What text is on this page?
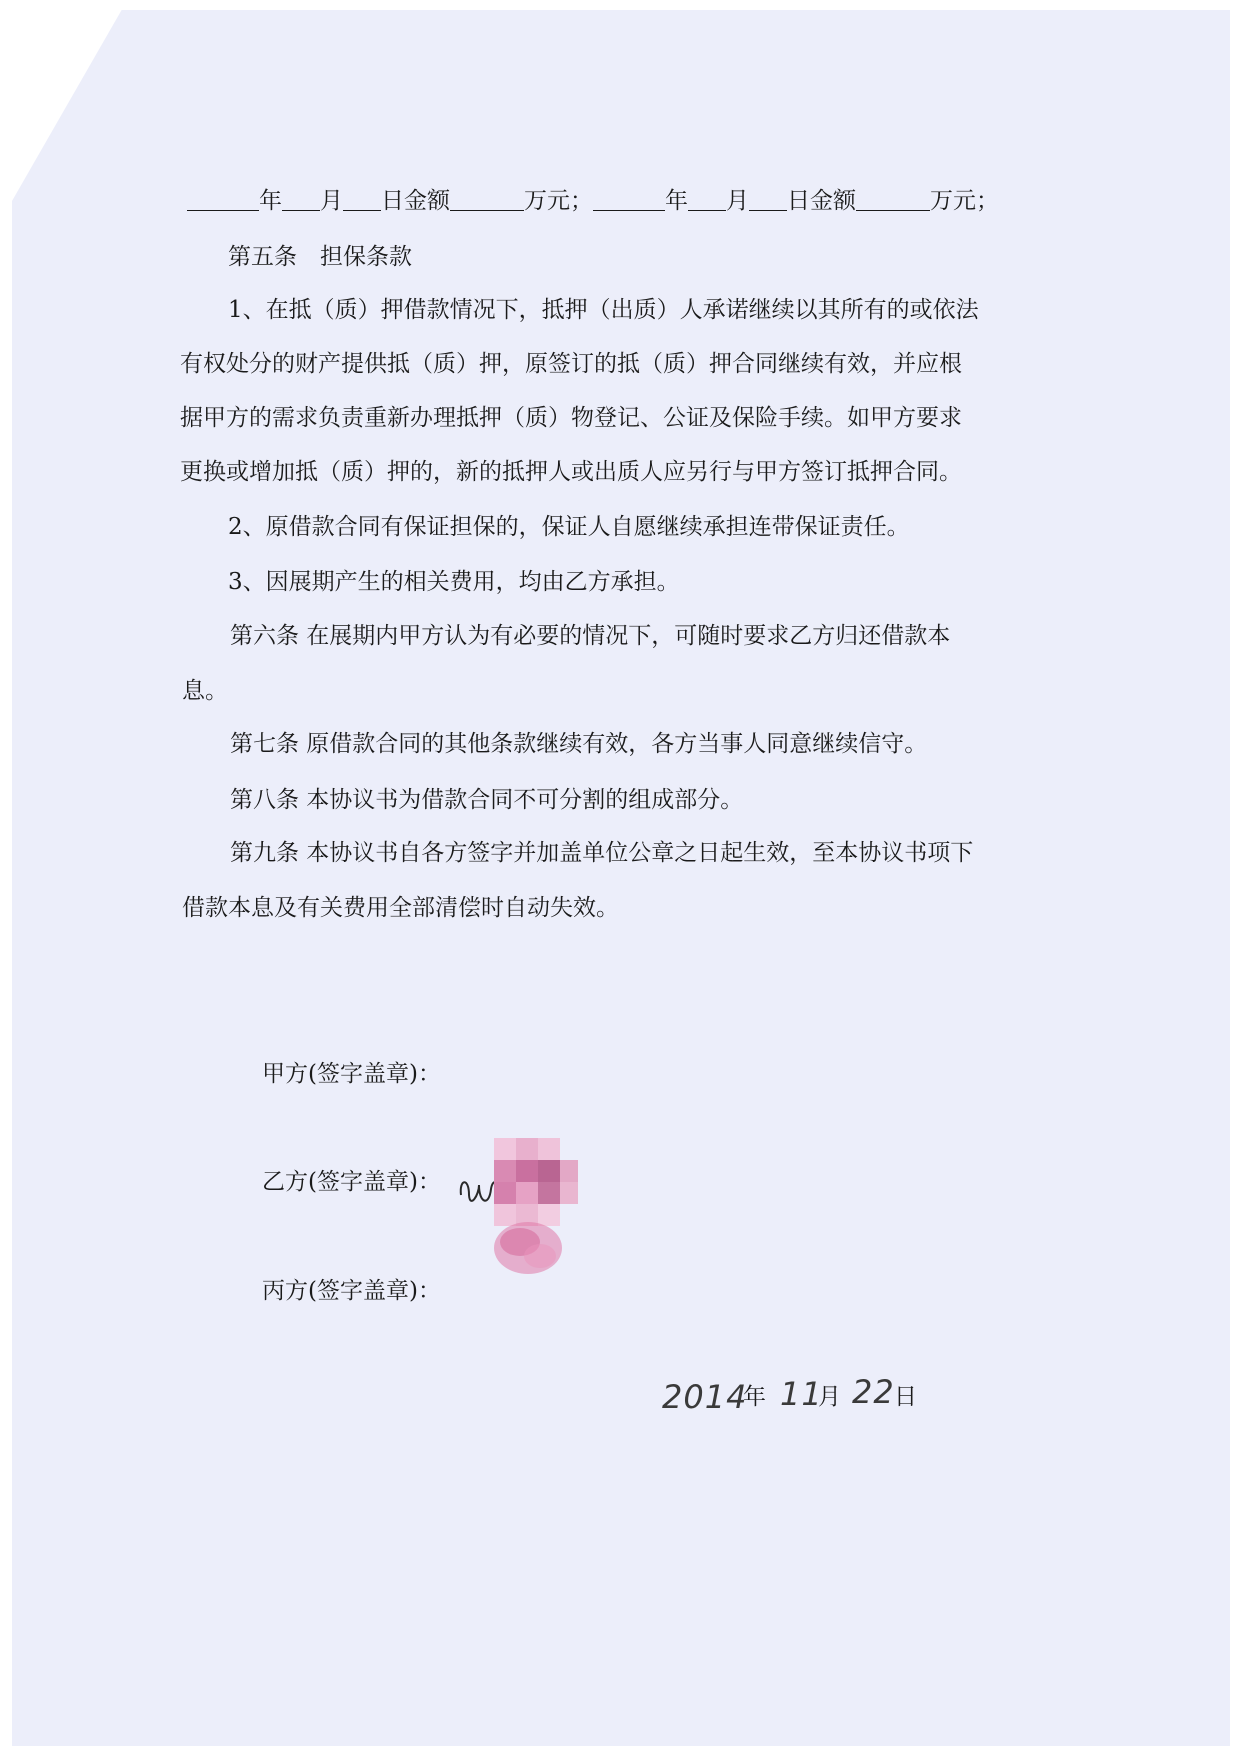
年 月 日金额	万元；	年 月 日金额	万元；
第五条　担保条款
1、在抵（质）押借款情况下，抵押（出质）人承诺继续以其所有的或依法
有权处分的财产提供抵（质）押，原签订的抵（质）押合同继续有效，并应根
据甲方的需求负责重新办理抵押（质）物登记、公证及保险手续。如甲方要求
更换或增加抵（质）押的，新的抵押人或出质人应另行与甲方签订抵押合同。
2、原借款合同有保证担保的，保证人自愿继续承担连带保证责任。
3、因展期产生的相关费用，均由乙方承担。
第六条 在展期内甲方认为有必要的情况下，可随时要求乙方归还借款本
息。
第七条 原借款合同的其他条款继续有效，各方当事人同意继续信守。
第八条 本协议书为借款合同不可分割的组成部分。
第九条 本协议书自各方签字并加盖单位公章之日起生效，至本协议书项下
借款本息及有关费用全部清偿时自动失效。
甲方(签字盖章)：
乙方(签字盖章)：
丙方(签字盖章)：
2014
年 11
月 22 日
